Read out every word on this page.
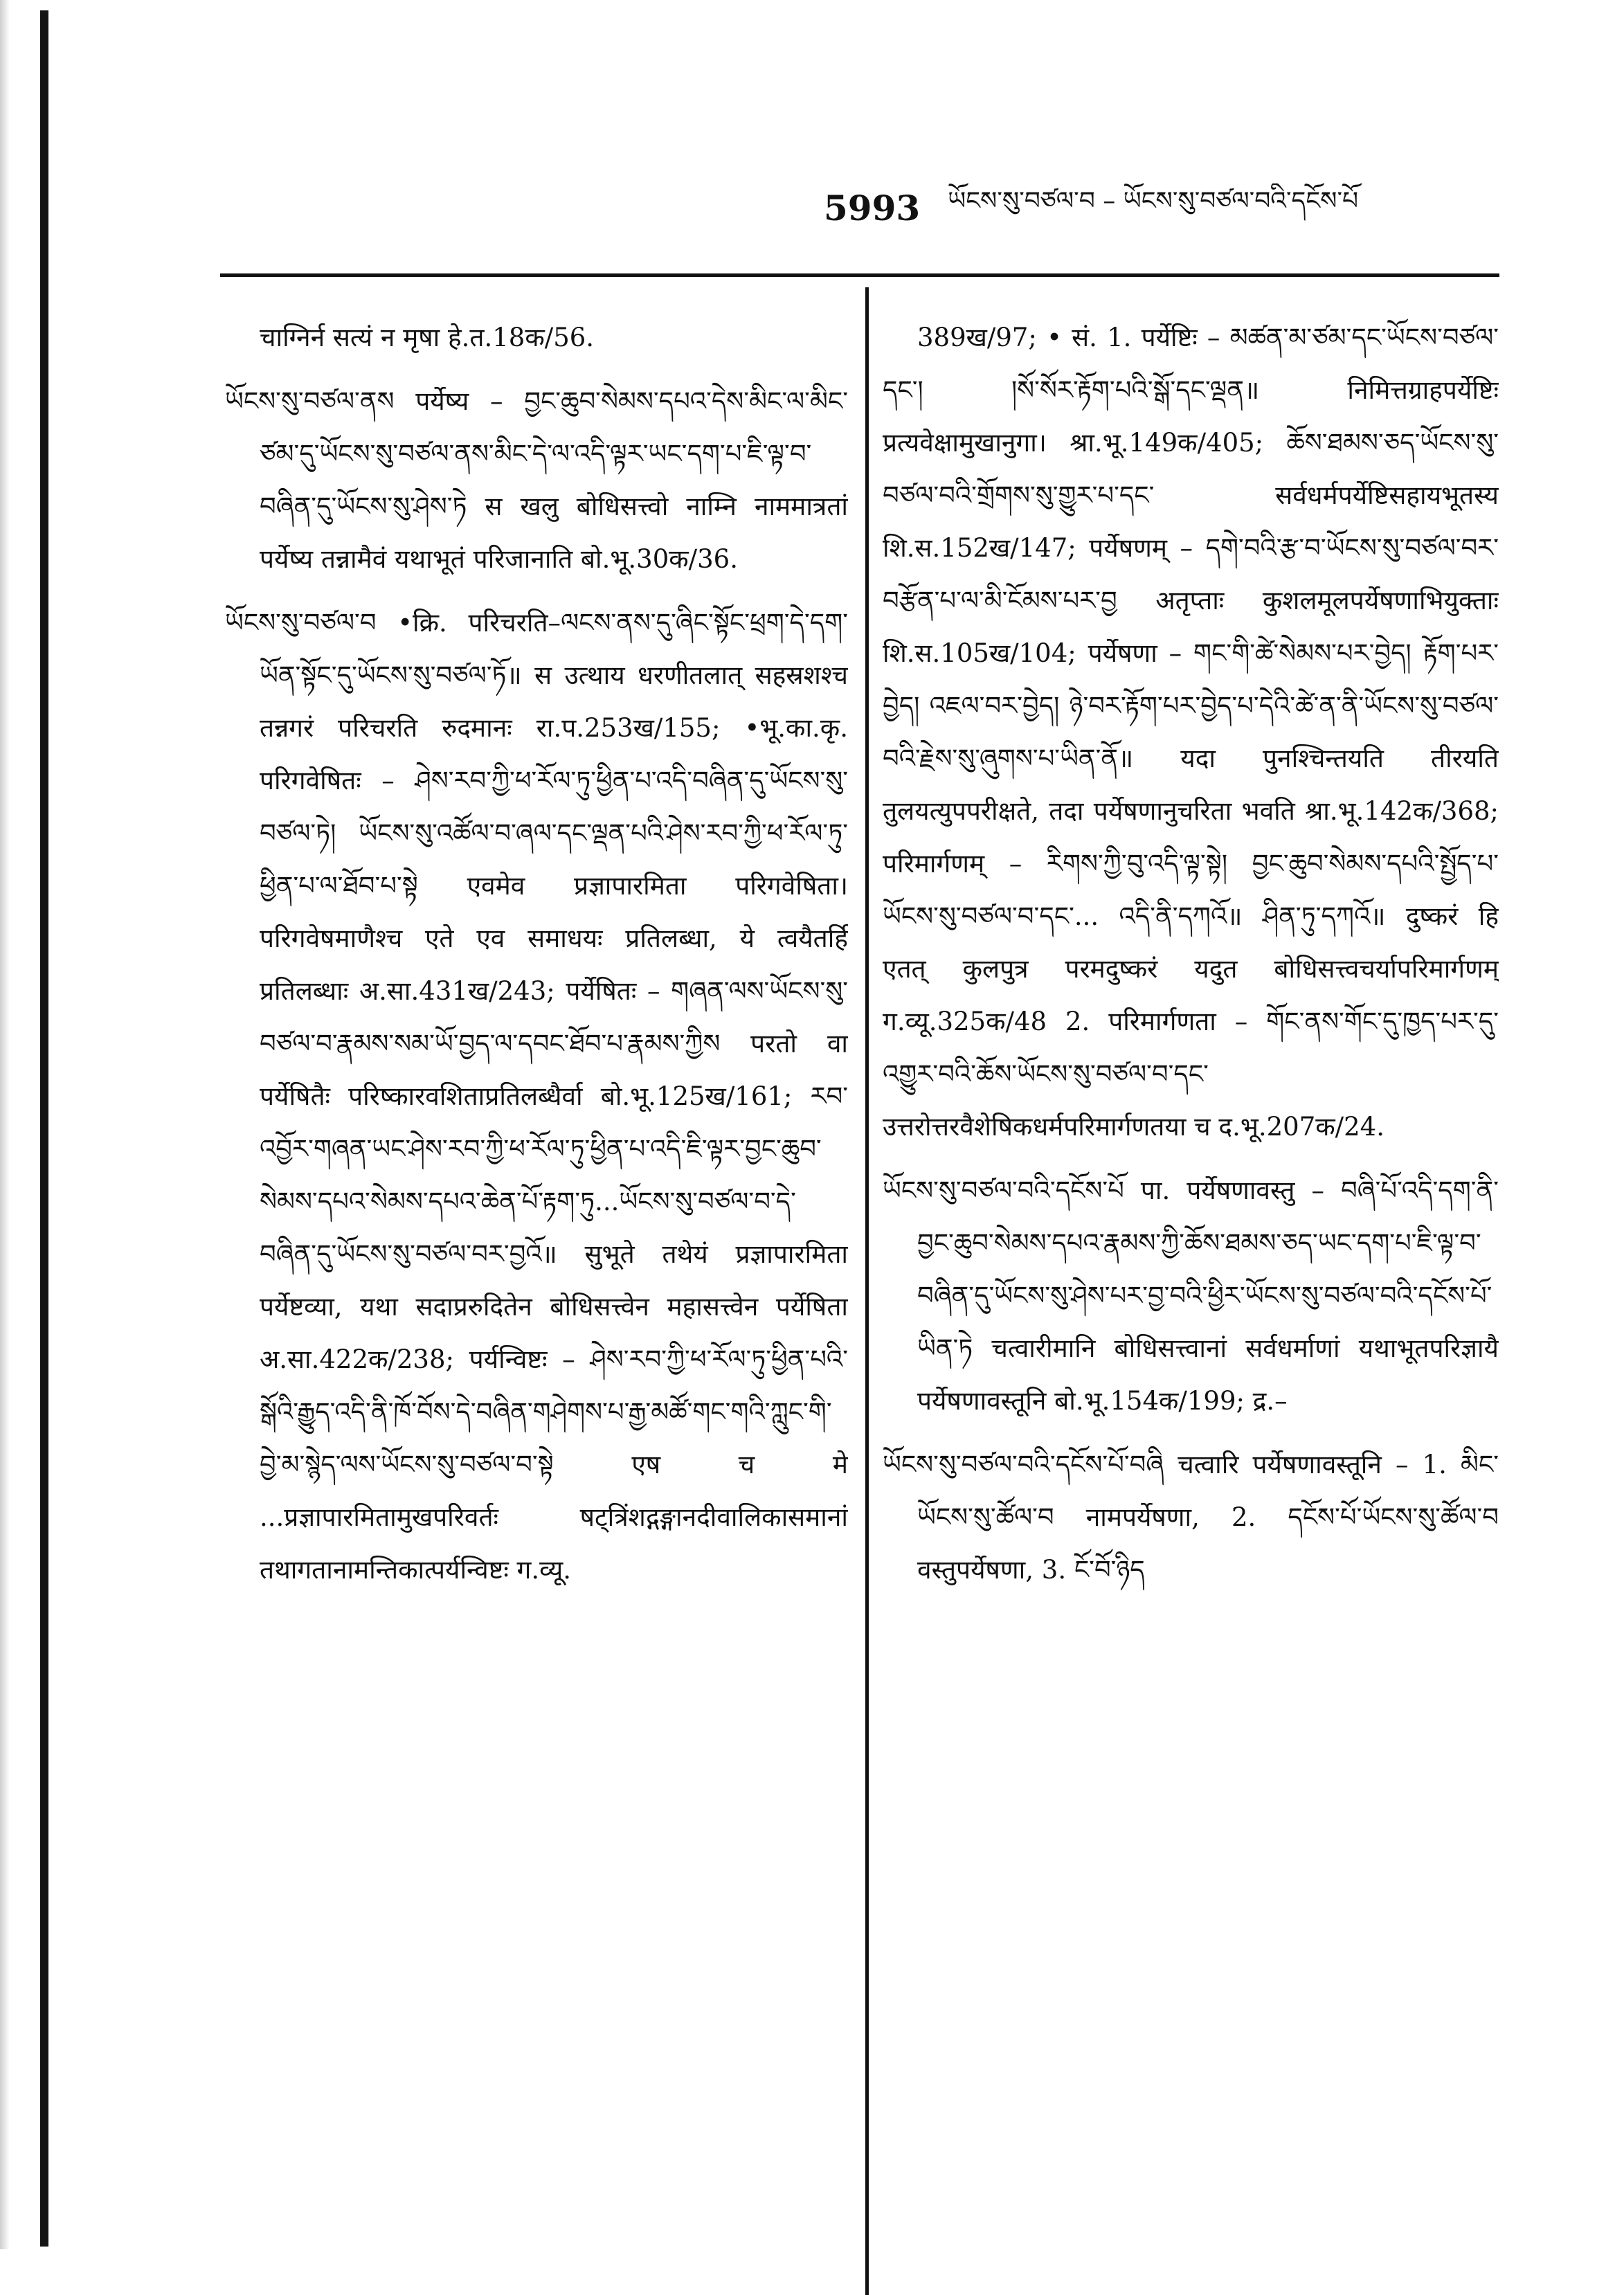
5993 ཡོངས་སུ་བཙལ་བ – ཡོངས་སུ་བཙལ་བའི་དངོས་པོ

चाग्निर्न सत्यं न मृषा हे.त.18क/56.

ཡོངས་སུ་བཙལ་ནས पर्येष्य – བྱང་ཆུབ་སེམས་དཔའ་དེས་མིང་ལ་མིང་ཙམ་དུ་ཡོངས་སུ་བཙལ་ནས་མིང་དེ་ལ་འདི་ལྟར་ཡང་དག་པ་ཇི་ལྟ་བ་བཞིན་དུ་ཡོངས་སུ་ཤེས་ཏེ स खलु बोधिसत्त्वो नाम्नि नाममात्रतां पर्येष्य तन्नामैवं यथाभूतं परिजानाति बो.भू.30क/36.

ཡོངས་སུ་བཙལ་བ •क्रि. परिचरति–ལངས་ནས་དུ་ཞིང་སྟོང་ཕྲག་དེ་དག་ཡོན་སྟོང་དུ་ཡོངས་སུ་བཙལ་ཏོ॥ स उत्थाय धरणीतलात् सहस्रशश्च तन्नगरं परिचरति रुदमानः रा.प.253ख/155; •भू.का.कृ. परिगवेषितः – ཤེས་རབ་ཀྱི་ཕ་རོལ་ཏུ་ཕྱིན་པ་འདི་བཞིན་དུ་ཡོངས་སུ་བཙལ་ཏེ། ཡོངས་སུ་འཚོལ་བ་ཞལ་དང་ལྡན་པའི་ཤེས་རབ་ཀྱི་ཕ་རོལ་ཏུ་ཕྱིན་པ་ལ་ཐོབ་པ་སྟེ एवमेव प्रज्ञापारमिता परिगवेषिता। परिगवेषमाणैश्च एते एव समाधयः प्रतिलब्धा, ये त्वयैतर्हि प्रतिलब्धाः अ.सा.431ख/243; पर्येषितः – གཞན་ལས་ཡོངས་སུ་བཙལ་བ་རྣམས་སམ་ཡོ་བྱད་ལ་དབང་ཐོབ་པ་རྣམས་ཀྱིས परतो वा पर्येषितैः परिष्कारवशिताप्रतिलब्धैर्वा बो.भू.125ख/161; རབ་འབྱོར་གཞན་ཡང་ཤེས་རབ་ཀྱི་ཕ་རོལ་ཏུ་ཕྱིན་པ་འདི་ཇི་ལྟར་བྱང་ཆུབ་སེམས་དཔའ་སེམས་དཔའ་ཆེན་པོ་རྟག་ཏུ...ཡོངས་སུ་བཙལ་བ་དེ་བཞིན་དུ་ཡོངས་སུ་བཙལ་བར་བྱའོ॥ सुभूते तथेयं प्रज्ञापारमिता पर्येष्टव्या, यथा सदाप्ररुदितेन बोधिसत्त्वेन महासत्त्वेन पर्येषिता अ.सा.422क/238; पर्यन्विष्टः – ཤེས་རབ་ཀྱི་ཕ་རོལ་ཏུ་ཕྱིན་པའི་སྒོའི་རྒྱུད་འདི་ནི་ཁོ་བོས་དེ་བཞིན་གཤེགས་པ་རྒྱ་མཚོ་གང་གའི་ཀླུང་གི་བྱེ་མ་སྙེད་ལས་ཡོངས་སུ་བཙལ་བ་སྟེ एष च मे ...प्रज्ञापारमितामुखपरिवर्तः षट्त्रिंशद्गङ्गानदीवालिकासमानां तथागतानामन्तिकात्पर्यन्विष्टः ग.व्यू.

389ख/97; • सं. 1. पर्येष्टिः – མཚན་མ་ཙམ་དང་ཡོངས་བཙལ་དང་། །སོ་སོར་རྟོག་པའི་སྒོ་དང་ལྡན॥ निमित्तग्राहपर्येष्टिः प्रत्यवेक्षामुखानुगा। श्रा.भू.149क/405; ཆོས་ཐམས་ཅད་ཡོངས་སུ་བཙལ་བའི་གྲོགས་སུ་གྱུར་པ་དང་ सर्वधर्मपर्येष्टिसहायभूतस्य शि.स.152ख/147; पर्येषणम् – དགེ་བའི་རྩ་བ་ཡོངས་སུ་བཙལ་བར་བརྩོན་པ་ལ་མི་ངོམས་པར་བྱ अतृप्ताः कुशलमूलपर्येषणाभियुक्ताः शि.स.105ख/104; पर्येषणा – གང་གི་ཚེ་སེམས་པར་བྱེད། རྟོག་པར་བྱེད། འཇལ་བར་བྱེད། ཉེ་བར་རྟོག་པར་བྱེད་པ་དེའི་ཚེ་ན་ནི་ཡོངས་སུ་བཙལ་བའི་རྗེས་སུ་ཞུགས་པ་ཡིན་ནོ॥ यदा पुनश्चिन्तयति तीरयति तुलयत्युपपरीक्षते, तदा पर्येषणानुचरिता भवति श्रा.भू.142क/368; परिमार्गणम् – རིགས་ཀྱི་བུ་འདི་ལྟ་སྟེ། བྱང་ཆུབ་སེམས་དཔའི་སྤྱོད་པ་ཡོངས་སུ་བཙལ་བ་དང་... འདི་ནི་དཀའོ॥ ཤིན་ཏུ་དཀའོ॥ दुष्करं हि एतत् कुलपुत्र परमदुष्करं यदुत बोधिसत्त्वचर्यापरिमार्गणम् ग.व्यू.325क/48 2. परिमार्गणता – གོང་ནས་གོང་དུ་ཁྱད་པར་དུ་འགྱུར་བའི་ཆོས་ཡོངས་སུ་བཙལ་བ་དང་ उत्तरोत्तरवैशेषिकधर्मपरिमार्गणतया च द.भू.207क/24.

ཡོངས་སུ་བཙལ་བའི་དངོས་པོ पा. पर्येषणावस्तु – བཞི་པོ་འདི་དག་ནི་བྱང་ཆུབ་སེམས་དཔའ་རྣམས་ཀྱི་ཆོས་ཐམས་ཅད་ཡང་དག་པ་ཇི་ལྟ་བ་བཞིན་དུ་ཡོངས་སུ་ཤེས་པར་བྱ་བའི་ཕྱིར་ཡོངས་སུ་བཙལ་བའི་དངོས་པོ་ཡིན་ཏེ चत्वारीमानि बोधिसत्त्वानां सर्वधर्माणां यथाभूतपरिज्ञायै पर्येषणावस्तूनि बो.भू.154क/199; द्र.–

ཡོངས་སུ་བཙལ་བའི་དངོས་པོ་བཞི चत्वारि पर्येषणावस्तूनि – 1. མིང་ཡོངས་སུ་ཚོལ་བ नामपर्येषणा, 2. དངོས་པོ་ཡོངས་སུ་ཚོལ་བ वस्तुपर्येषणा, 3. ངོ་བོ་ཉིད
